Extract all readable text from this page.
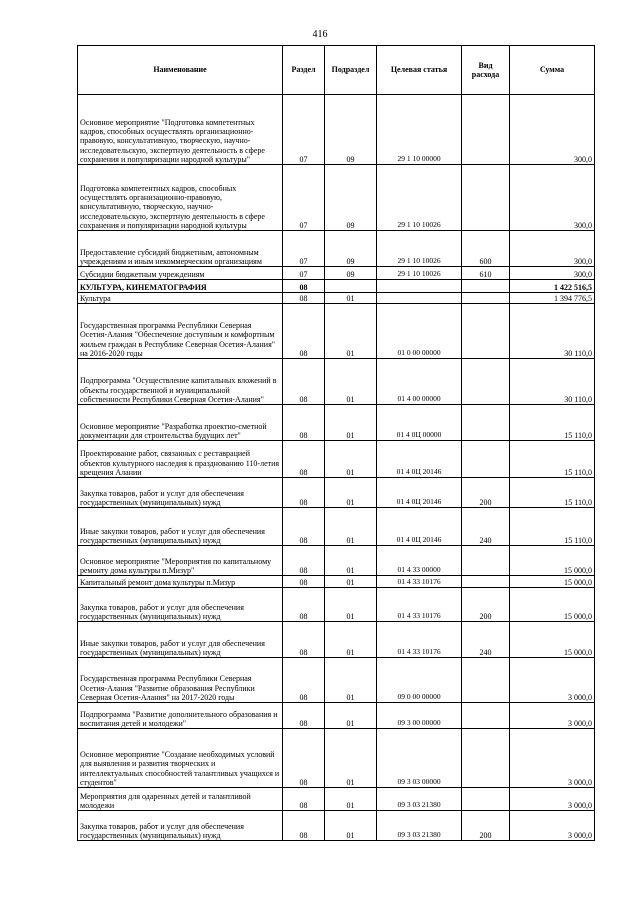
416
Наименование	Раздел	Подраздел	Целевая статья	Вид расхода	Сумма
Основное мероприятие "Подготовка компетентных кадров, способных осуществлять организационно-правовую, консультативную, творческую, научно-исследовательскую, экспертную деятельность в сфере сохранения и популяризации народной культуры"	07	09	29 1 10 00000		300,0
Подготовка компетентных кадров, способных осуществлять организационно-правовую, консультативную, творческую, научно-исследовательскую, экспертную деятельность в сфере сохранения и популяризации народной культуры	07	09	29 1 10 10026		300,0
Предоставление субсидий бюджетным, автономным учреждениям и иным некоммерческим организациям	07	09	29 1 10 10026	600	300,0
Субсидии бюджетным учреждениям	07	09	29 1 10 10026	610	300,0
КУЛЬТУРА, КИНЕМАТОГРАФИЯ	08				1 422 516,5
Культура	08	01			1 394 776,5
Государственная программа Республики Северная Осетия-Алания "Обеспечение доступным и комфортным жильем граждан в Республике Северная Осетия-Алания" на 2016-2020 годы	08	01	01 0 00 00000		30 110,0
Подпрограмма "Осуществление капитальных вложений в объекты государственной и муниципальной собственности Республики Северная Осетия-Алания"	08	01	01 4 00 00000		30 110,0
Основное мероприятие "Разработка проектно-сметной документации для строительства будущих лет"	08	01	01 4 0Ц 00000		15 110,0
Проектирование работ, связанных с реставрацией объектов культурного наследия к празднованию 110-летия крещения Алании	08	01	01 4 0Ц 20146		15 110,0
Закупка товаров, работ и услуг для обеспечения государственных (муниципальных) нужд	08	01	01 4 0Ц 20146	200	15 110,0
Иные закупки товаров, работ и услуг для обеспечения государственных (муниципальных) нужд	08	01	01 4 0Ц 20146	240	15 110,0
Основное мероприятие "Мероприятия по капитальному ремонту дома культуры п.Мизур"	08	01	01 4 33 00000		15 000,0
Капитальный ремонт дома культуры п.Мизур	08	01	01 4 33 10176		15 000,0
Закупка товаров, работ и услуг для обеспечения государственных (муниципальных) нужд	08	01	01 4 33 10176	200	15 000,0
Иные закупки товаров, работ и услуг для обеспечения государственных (муниципальных) нужд	08	01	01 4 33 10176	240	15 000,0
Государственная программа Республики Северная Осетия-Алания "Развитие образования Республики Северная Осетия-Алания" на 2017-2020 годы	08	01	09 0 00 00000		3 000,0
Подпрограмма "Развитие дополнительного образования и воспитания детей и молодежи"	08	01	09 3 00 00000		3 000,0
Основное мероприятие "Создание необходимых условий для выявления и развития творческих и интеллектуальных способностей талантливых учащихся и студентов"	08	01	09 3 03 00000		3 000,0
Мероприятия для одаренных детей и талантливой молодежи	08	01	09 3 03 21380		3 000,0
Закупка товаров, работ и услуг для обеспечения государственных (муниципальных) нужд	08	01	09 3 03 21380	200	3 000,0
